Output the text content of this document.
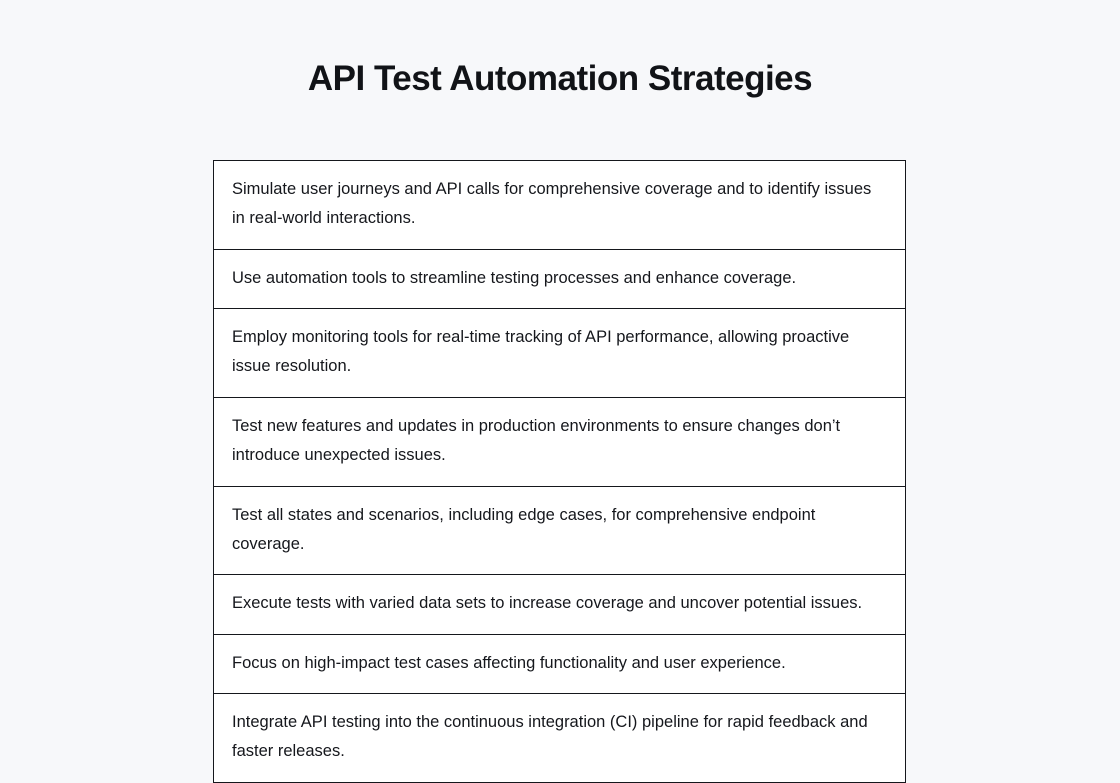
API Test Automation Strategies

Simulate user journeys and API calls for comprehensive coverage and to identify issues in real-world interactions.

Use automation tools to streamline testing processes and enhance coverage.

Employ monitoring tools for real-time tracking of API performance, allowing proactive issue resolution.

Test new features and updates in production environments to ensure changes don’t introduce unexpected issues.

Test all states and scenarios, including edge cases, for comprehensive endpoint coverage.

Execute tests with varied data sets to increase coverage and uncover potential issues.

Focus on high-impact test cases affecting functionality and user experience.

Integrate API testing into the continuous integration (CI) pipeline for rapid feedback and faster releases.
